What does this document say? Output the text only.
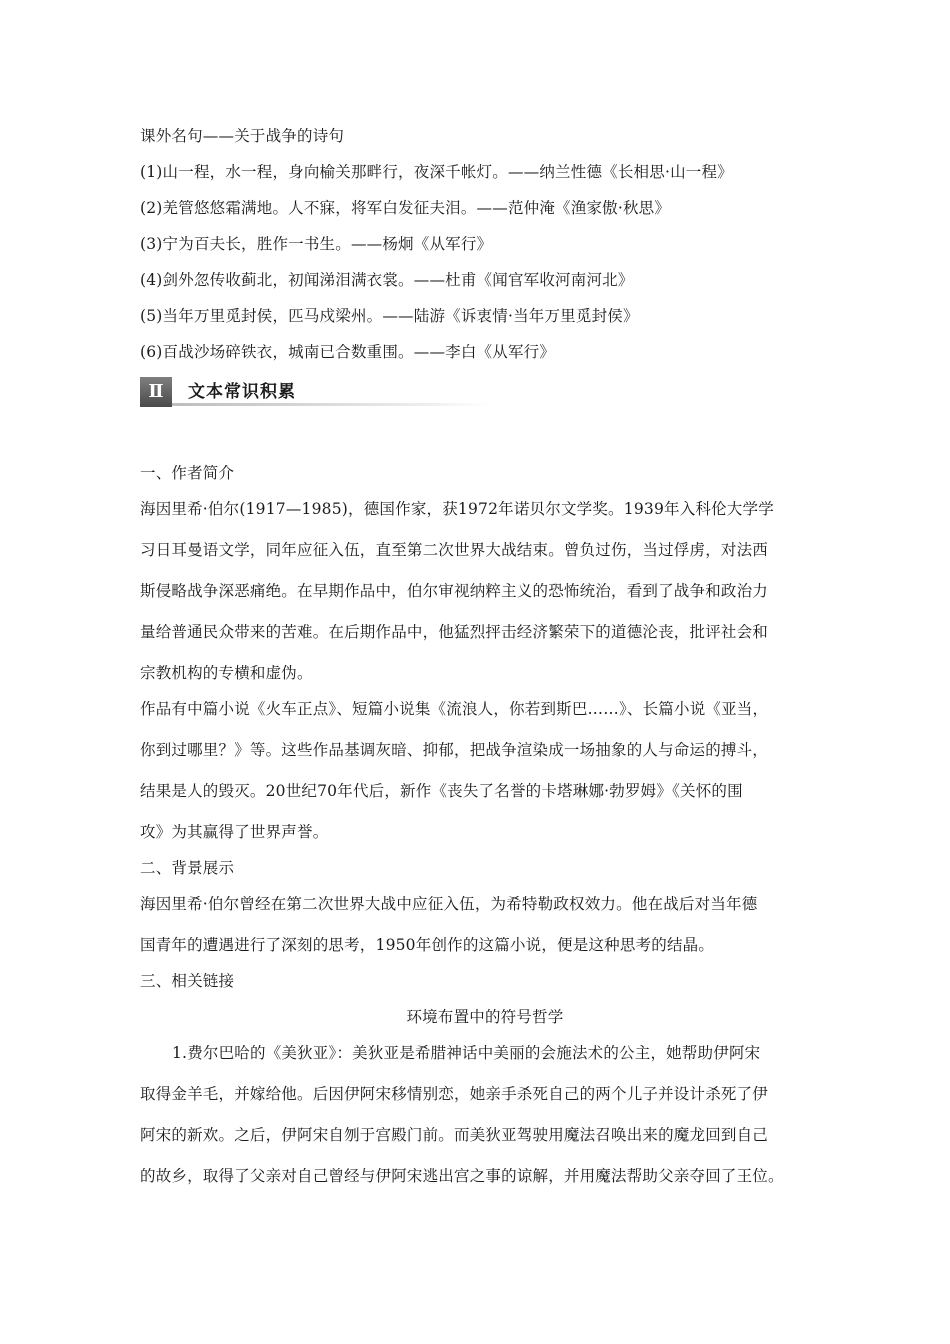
课外名句——关于战争的诗句
(1)山一程，水一程，身向榆关那畔行，夜深千帐灯。——纳兰性德《长相思·山一程》
(2)羌管悠悠霜满地。人不寐，将军白发征夫泪。——范仲淹《渔家傲·秋思》
(3)宁为百夫长，胜作一书生。——杨炯《从军行》
(4)剑外忽传收蓟北，初闻涕泪满衣裳。——杜甫《闻官军收河南河北》
(5)当年万里觅封侯，匹马戍梁州。——陆游《诉衷情·当年万里觅封侯》
(6)百战沙场碎铁衣，城南已合数重围。——李白《从军行》
Ⅱ	文本常识积累
一、作者简介
海因里希·伯尔(1917—1985)，德国作家，获1972年诺贝尔文学奖。1939年入科伦大学学
习日耳曼语文学，同年应征入伍，直至第二次世界大战结束。曾负过伤，当过俘虏，对法西
斯侵略战争深恶痛绝。在早期作品中，伯尔审视纳粹主义的恐怖统治，看到了战争和政治力
量给普通民众带来的苦难。在后期作品中，他猛烈抨击经济繁荣下的道德沦丧，批评社会和
宗教机构的专横和虚伪。
作品有中篇小说《火车正点》、短篇小说集《流浪人，你若到斯巴……》、长篇小说《亚当，
你到过哪里？》等。这些作品基调灰暗、抑郁，把战争渲染成一场抽象的人与命运的搏斗，
结果是人的毁灭。20世纪70年代后，新作《丧失了名誉的卡塔琳娜·勃罗姆》《关怀的围
攻》为其赢得了世界声誉。
二、背景展示
海因里希·伯尔曾经在第二次世界大战中应征入伍，为希特勒政权效力。他在战后对当年德
国青年的遭遇进行了深刻的思考，1950年创作的这篇小说，便是这种思考的结晶。
三、相关链接
环境布置中的符号哲学
1.费尔巴哈的《美狄亚》：美狄亚是希腊神话中美丽的会施法术的公主，她帮助伊阿宋
取得金羊毛，并嫁给他。后因伊阿宋移情别恋，她亲手杀死自己的两个儿子并设计杀死了伊
阿宋的新欢。之后，伊阿宋自刎于宫殿门前。而美狄亚驾驶用魔法召唤出来的魔龙回到自己
的故乡，取得了父亲对自己曾经与伊阿宋逃出宫之事的谅解，并用魔法帮助父亲夺回了王位。
